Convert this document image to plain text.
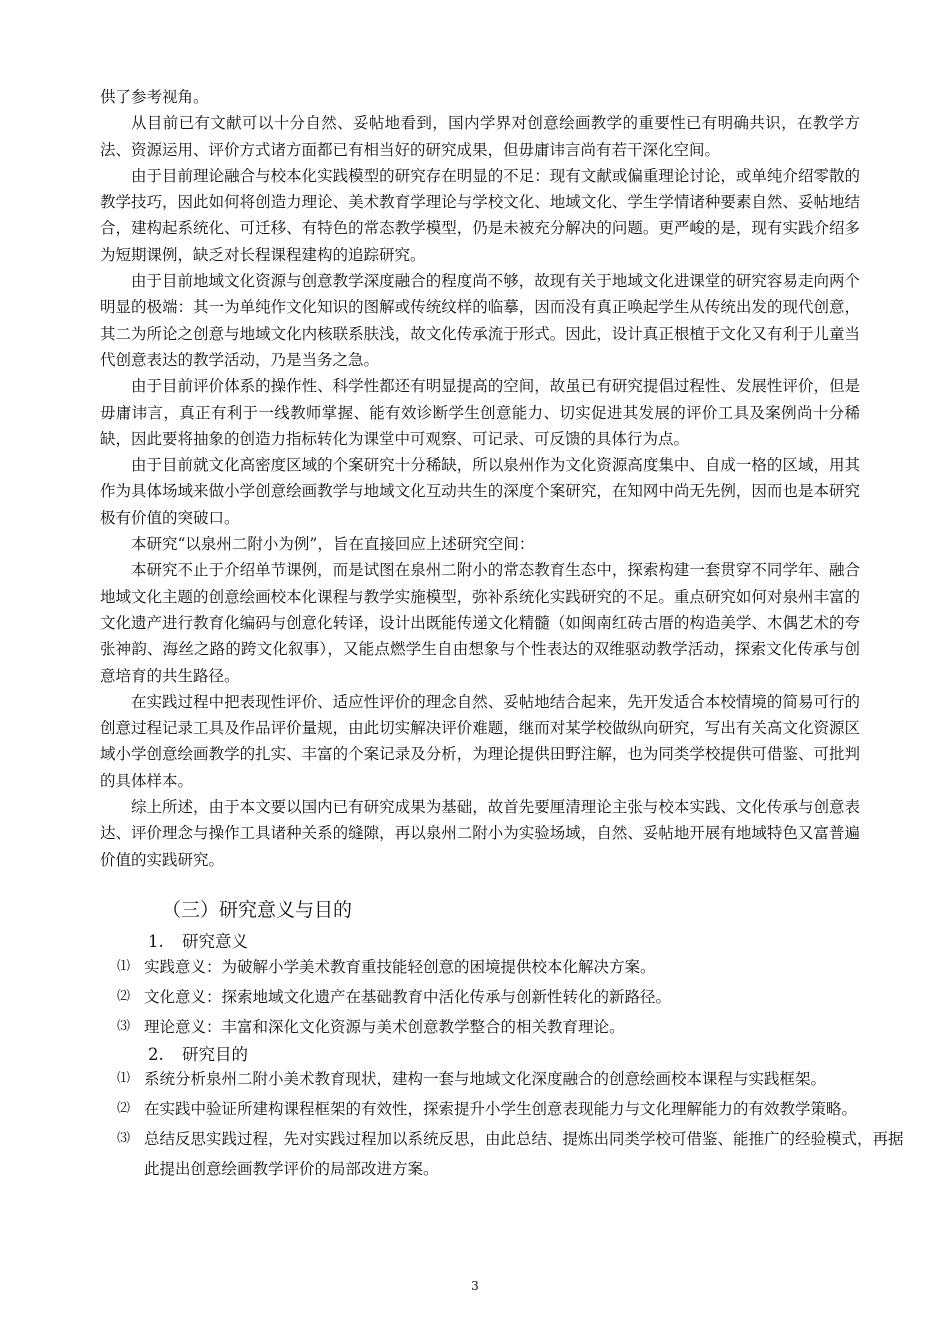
供了参考视角。

从目前已有文献可以十分自然、妥帖地看到，国内学界对创意绘画教学的重要性已有明确共识，在教学方法、资源运用、评价方式诸方面都已有相当好的研究成果，但毋庸讳言尚有若干深化空间。

由于目前理论融合与校本化实践模型的研究存在明显的不足：现有文献或偏重理论讨论，或单纯介绍零散的教学技巧，因此如何将创造力理论、美术教育学理论与学校文化、地域文化、学生学情诸种要素自然、妥帖地结合，建构起系统化、可迁移、有特色的常态教学模型，仍是未被充分解决的问题。更严峻的是，现有实践介绍多为短期课例，缺乏对长程课程建构的追踪研究。

由于目前地域文化资源与创意教学深度融合的程度尚不够，故现有关于地域文化进课堂的研究容易走向两个明显的极端：其一为单纯作文化知识的图解或传统纹样的临摹，因而没有真正唤起学生从传统出发的现代创意，其二为所论之创意与地域文化内核联系肤浅，故文化传承流于形式。因此，设计真正根植于文化又有利于儿童当代创意表达的教学活动，乃是当务之急。

由于目前评价体系的操作性、科学性都还有明显提高的空间，故虽已有研究提倡过程性、发展性评价，但是毋庸讳言，真正有利于一线教师掌握、能有效诊断学生创意能力、切实促进其发展的评价工具及案例尚十分稀缺，因此要将抽象的创造力指标转化为课堂中可观察、可记录、可反馈的具体行为点。

由于目前就文化高密度区域的个案研究十分稀缺，所以泉州作为文化资源高度集中、自成一格的区域，用其作为具体场域来做小学创意绘画教学与地域文化互动共生的深度个案研究，在知网中尚无先例，因而也是本研究极有价值的突破口。

本研究“以泉州二附小为例”，旨在直接回应上述研究空间：

本研究不止于介绍单节课例，而是试图在泉州二附小的常态教育生态中，探索构建一套贯穿不同学年、融合地域文化主题的创意绘画校本化课程与教学实施模型，弥补系统化实践研究的不足。重点研究如何对泉州丰富的文化遗产进行教育化编码与创意化转译，设计出既能传递文化精髓（如闽南红砖古厝的构造美学、木偶艺术的夸张神韵、海丝之路的跨文化叙事），又能点燃学生自由想象与个性表达的双维驱动教学活动，探索文化传承与创意培育的共生路径。

在实践过程中把表现性评价、适应性评价的理念自然、妥帖地结合起来，先开发适合本校情境的简易可行的创意过程记录工具及作品评价量规，由此切实解决评价难题，继而对某学校做纵向研究，写出有关高文化资源区域小学创意绘画教学的扎实、丰富的个案记录及分析，为理论提供田野注解，也为同类学校提供可借鉴、可批判的具体样本。

综上所述，由于本文要以国内已有研究成果为基础，故首先要厘清理论主张与校本实践、文化传承与创意表达、评价理念与操作工具诸种关系的缝隙，再以泉州二附小为实验场域，自然、妥帖地开展有地域特色又富普遍价值的实践研究。

（三）研究意义与目的
1. 研究意义

⑴ 实践意义：为破解小学美术教育重技能轻创意的困境提供校本化解决方案。

⑵ 文化意义：探索地域文化遗产在基础教育中活化传承与创新性转化的新路径。

⑶ 理论意义：丰富和深化文化资源与美术创意教学整合的相关教育理论。

2. 研究目的

⑴ 系统分析泉州二附小美术教育现状，建构一套与地域文化深度融合的创意绘画校本课程与实践框架。

⑵ 在实践中验证所建构课程框架的有效性，探索提升小学生创意表现能力与文化理解能力的有效教学策略。

⑶ 总结反思实践过程，先对实践过程加以系统反思，由此总结、提炼出同类学校可借鉴、能推广的经验模式，再据此提出创意绘画教学评价的局部改进方案。

3
